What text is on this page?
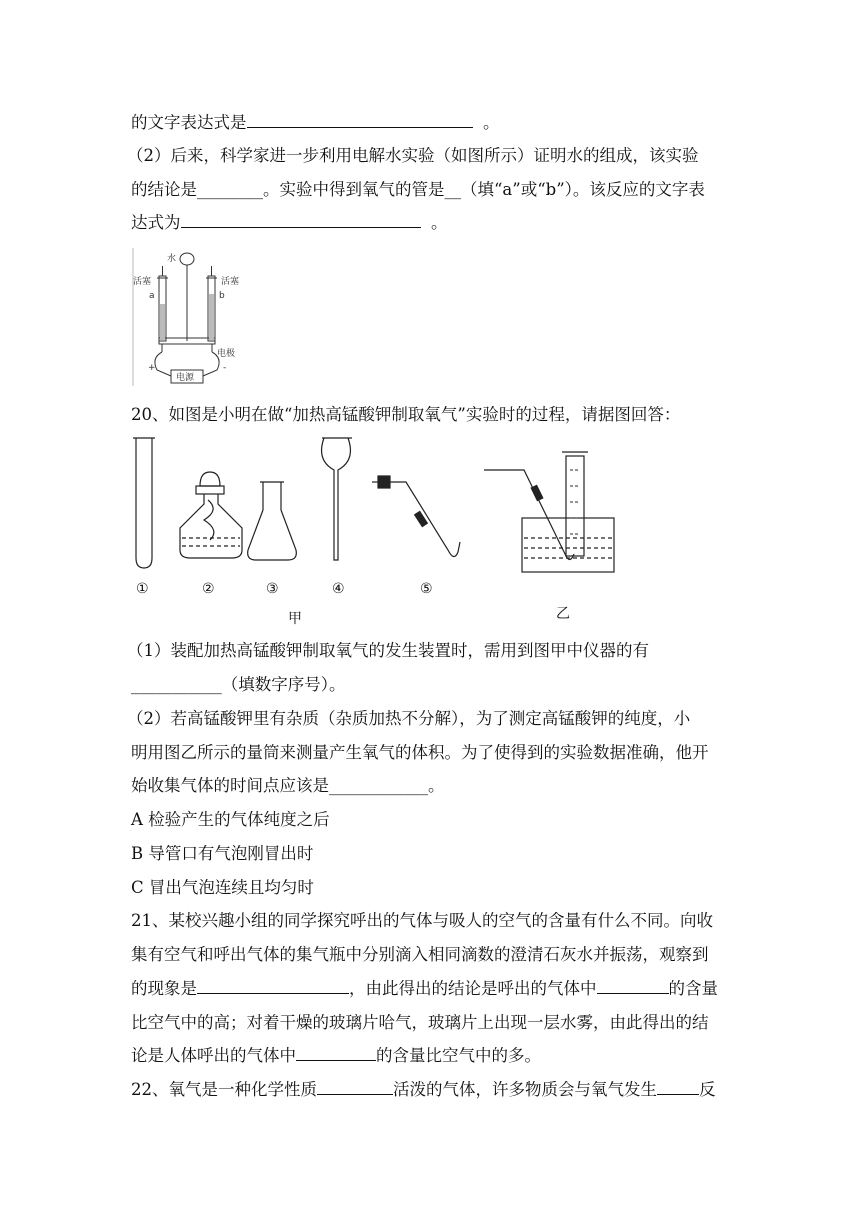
的文字表达式是	。
（2）后来，科学家进一步利用电解水实验（如图所示）证明水的组成，该实验
的结论是________。实验中得到氧气的管是__（填“a”或“b”）。该反应的文字表
达式为	。
水
活塞	活塞
a	b
电极
电源
+	-
20、如图是小明在做“加热高锰酸钾制取氧气”实验时的过程，请据图回答：
①	②	③	④	⑤
甲	乙
（1）装配加热高锰酸钾制取氧气的发生装置时，需用到图甲中仪器的有
___________（填数字序号）。
（2）若高锰酸钾里有杂质（杂质加热不分解），为了测定高锰酸钾的纯度，小
明用图乙所示的量筒来测量产生氧气的体积。为了使得到的实验数据准确，他开
始收集气体的时间点应该是____________。
A 检验产生的气体纯度之后
B 导管口有气泡刚冒出时
C 冒出气泡连续且均匀时
21、某校兴趣小组的同学探究呼出的气体与吸人的空气的含量有什么不同。向收
集有空气和呼出气体的集气瓶中分别滴入相同滴数的澄清石灰水并振荡，观察到
的现象是	，由此得出的结论是呼出的气体中	的含量
比空气中的高；对着干燥的玻璃片哈气，玻璃片上出现一层水雾，由此得出的结
论是人体呼出的气体中	的含量比空气中的多。
22、氧气是一种化学性质	活泼的气体，许多物质会与氧气发生	反
